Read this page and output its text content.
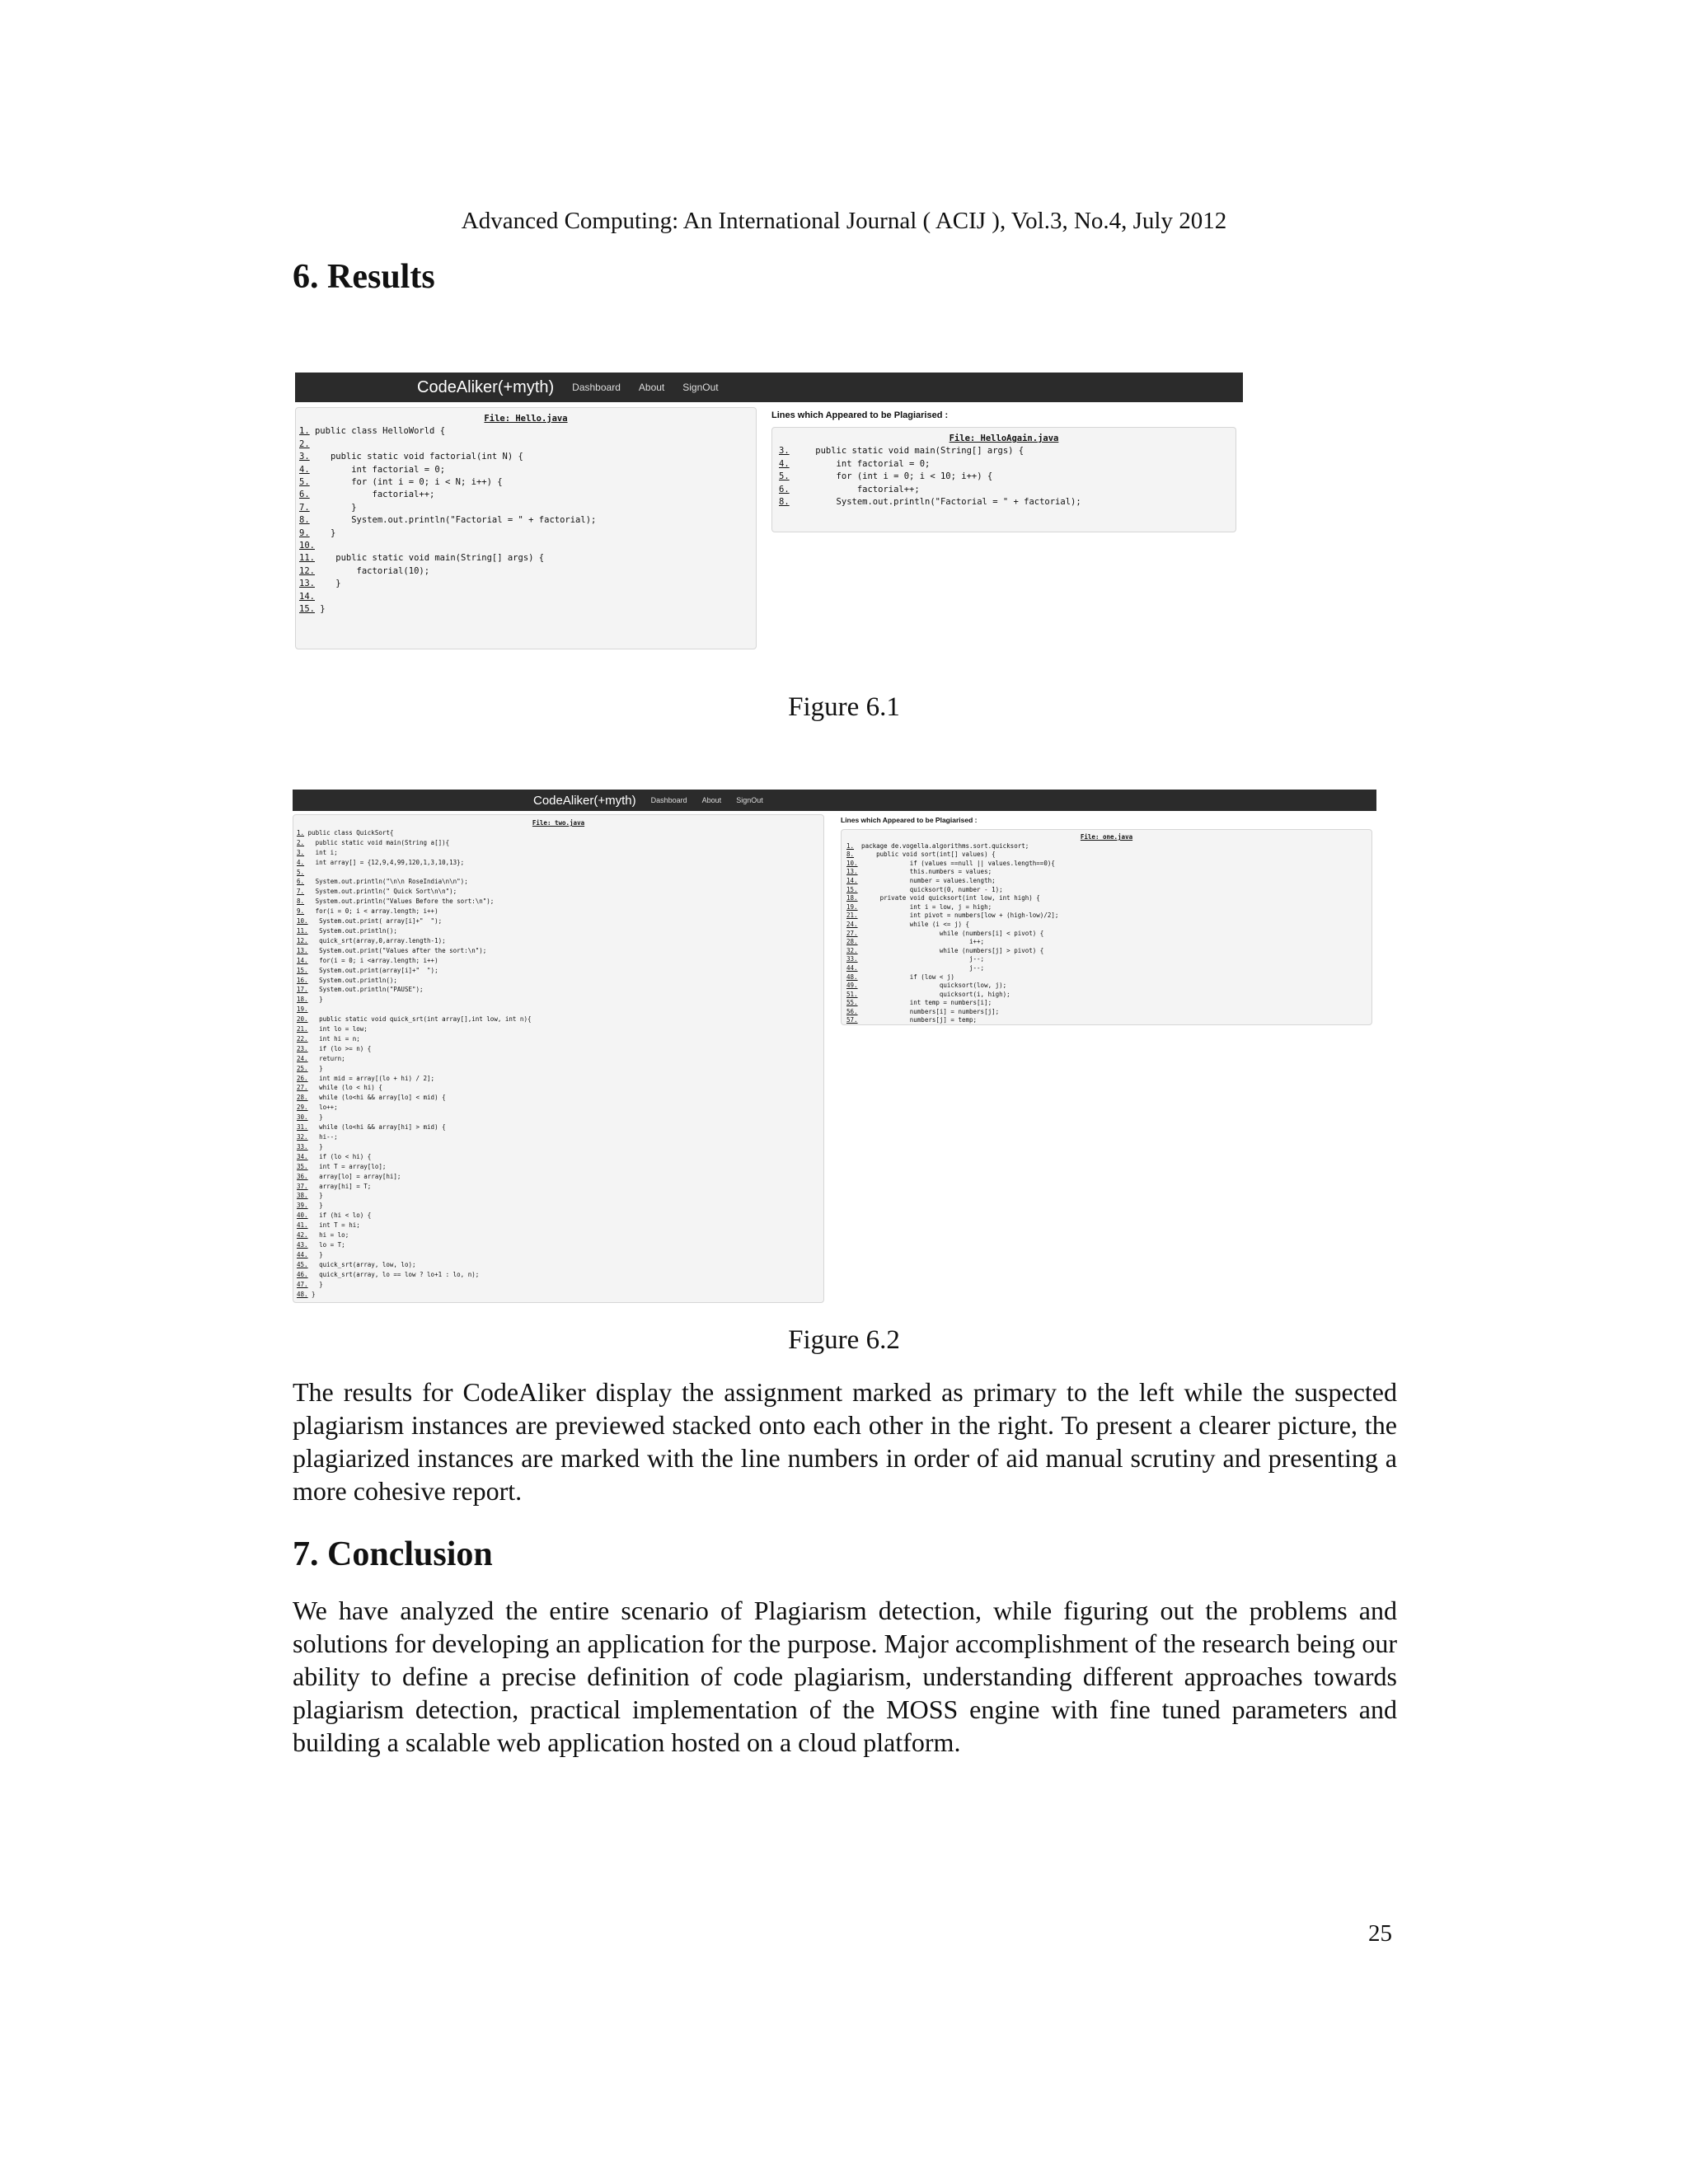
Advanced Computing: An International Journal ( ACIJ ), Vol.3, No.4, July 2012
6. Results
CodeAliker(+myth) Dashboard About SignOut
File: Hello.java
1. public class HelloWorld {
2.
3.    public static void factorial(int N) {
4.        int factorial = 0;
5.        for (int i = 0; i < N; i++) {
6.            factorial++;
7.        }
8.        System.out.println("Factorial = " + factorial);
9.    }
10.
11.    public static void main(String[] args) {
12.        factorial(10);
13.    }
14.
15. }
Lines which Appeared to be Plagiarised :
File: HelloAgain.java
3.     public static void main(String[] args) {
4.         int factorial = 0;
5.         for (int i = 0; i < 10; i++) {
6.             factorial++;
8.         System.out.println("Factorial = " + factorial);
Figure 6.1
CodeAliker(+myth) Dashboard About SignOut
File: two.java
1. public class QuickSort{
2.   public static void main(String a[]){
3.   int i;
4.   int array[] = {12,9,4,99,120,1,3,10,13};
5.
6.   System.out.println("\n\n RoseIndia\n\n");
7.   System.out.println(" Quick Sort\n\n");
8.   System.out.println("Values Before the sort:\n");
9.   for(i = 0; i < array.length; i++)
10.   System.out.print( array[i]+"  ");
11.   System.out.println();
12.   quick_srt(array,0,array.length-1);
13.   System.out.print("Values after the sort:\n");
14.   for(i = 0; i <array.length; i++)
15.   System.out.print(array[i]+"  ");
16.   System.out.println();
17.   System.out.println("PAUSE");
18.   }
19.
20.   public static void quick_srt(int array[],int low, int n){
21.   int lo = low;
22.   int hi = n;
23.   if (lo >= n) {
24.   return;
25.   }
26.   int mid = array[(lo + hi) / 2];
27.   while (lo < hi) {
28.   while (lo<hi && array[lo] < mid) {
29.   lo++;
30.   }
31.   while (lo<hi && array[hi] > mid) {
32.   hi--;
33.   }
34.   if (lo < hi) {
35.   int T = array[lo];
36.   array[lo] = array[hi];
37.   array[hi] = T;
38.   }
39.   }
40.   if (hi < lo) {
41.   int T = hi;
42.   hi = lo;
43.   lo = T;
44.   }
45.   quick_srt(array, low, lo);
46.   quick_srt(array, lo == low ? lo+1 : lo, n);
47.   }
48. }
Lines which Appeared to be Plagiarised :
File: one.java
1.  package de.vogella.algorithms.sort.quicksort;
8.      public void sort(int[] values) {
10.              if (values ==null || values.length==0){
13.              this.numbers = values;
14.              number = values.length;
15.              quicksort(0, number - 1);
18.      private void quicksort(int low, int high) {
19.              int i = low, j = high;
21.              int pivot = numbers[low + (high-low)/2];
24.              while (i <= j) {
27.                      while (numbers[i] < pivot) {
28.                              i++;
32.                      while (numbers[j] > pivot) {
33.                              j--;
44.                              j--;
48.              if (low < j)
49.                      quicksort(low, j);
51.                      quicksort(i, high);
55.              int temp = numbers[i];
56.              numbers[i] = numbers[j];
57.              numbers[j] = temp;
Figure 6.2

The results for CodeAliker display the assignment marked as primary to the left while the suspected plagiarism instances are previewed stacked onto each other in the right. To present a clearer picture, the plagiarized instances are marked with the line numbers in order of aid manual scrutiny and presenting a more cohesive report.

7. Conclusion

We have analyzed the entire scenario of Plagiarism detection, while figuring out the problems and solutions for developing an application for the purpose. Major accomplishment of the research being our ability to define a precise definition of code plagiarism, understanding different approaches towards plagiarism detection, practical implementation of the MOSS engine with fine tuned parameters and building a scalable web application hosted on a cloud platform.

25
